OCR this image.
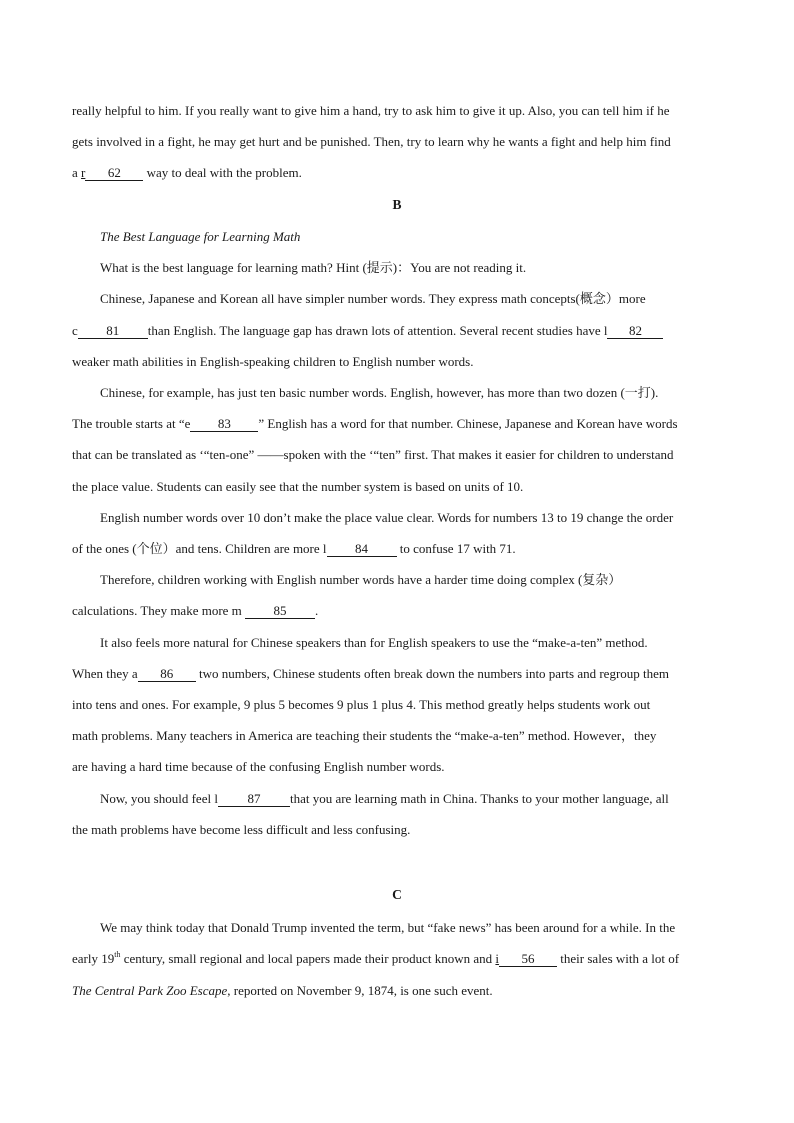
really helpful to him. If you really want to give him a hand, try to ask him to give it up. Also, you can tell him if he
gets involved in a fight, he may get hurt and be punished. Then, try to learn why he wants a fight and help him find
a r 62 way to deal with the problem.
B
The Best Language for Learning Math
What is the best language for learning math? Hint (提示)：You are not reading it.
Chinese, Japanese and Korean all have simpler number words. They express math concepts(概念）more
c 81 than English. The language gap has drawn lots of attention. Several recent studies have l 82
weaker math abilities in English-speaking children to English number words.
Chinese, for example, has just ten basic number words. English, however, has more than two dozen (一打).
The trouble starts at “e 83 ” English has a word for that number. Chinese, Japanese and Korean have words
that can be translated as ‘“ten-one” ——spoken with the ‘“ten” first. That makes it easier for children to understand
the place value. Students can easily see that the number system is based on units of 10.
English number words over 10 don’t make the place value clear. Words for numbers 13 to 19 change the order
of the ones (个位）and tens. Children are more l 84 to confuse 17 with 71.
Therefore, children working with English number words have a harder time doing complex (复杂）
calculations. They make more m 85 .
It also feels more natural for Chinese speakers than for English speakers to use the “make-a-ten” method.
When they a 86 two numbers, Chinese students often break down the numbers into parts and regroup them
into tens and ones. For example, 9 plus 5 becomes 9 plus 1 plus 4. This method greatly helps students work out
math problems. Many teachers in America are teaching their students the “make-a-ten” method. However，they
are having a hard time because of the confusing English number words.
Now, you should feel l 87 that you are learning math in China. Thanks to your mother language, all
the math problems have become less difficult and less confusing.
C
We may think today that Donald Trump invented the term, but “fake news” has been around for a while. In the
early 19th century, small regional and local papers made their product known and i 56 their sales with a lot of
The Central Park Zoo Escape, reported on November 9, 1874, is one such event.
